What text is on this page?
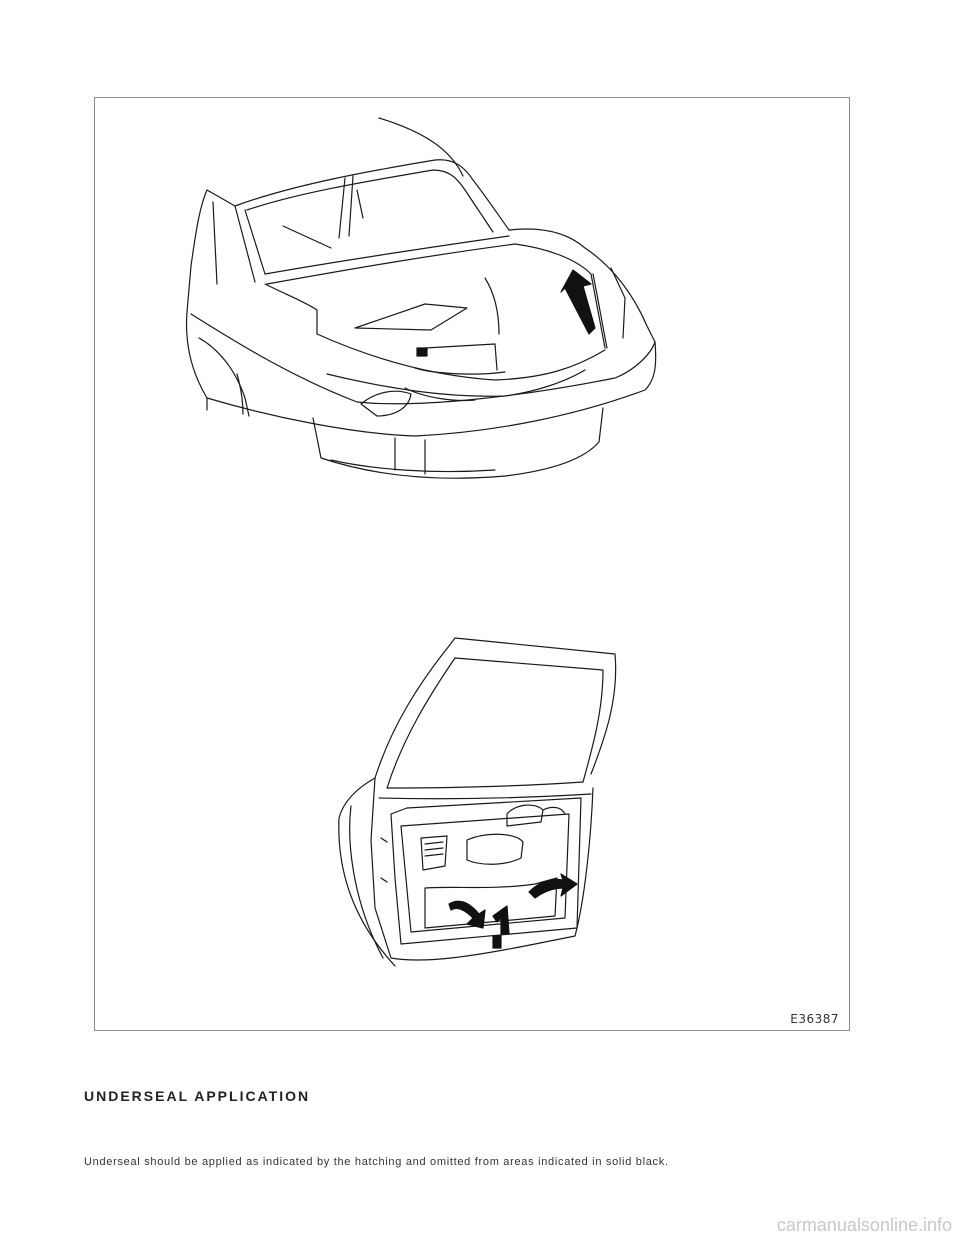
E36387
UNDERSEAL APPLICATION

Underseal should be applied as indicated by the hatching and omitted from areas indicated in solid black.

carmanualsonline.info
